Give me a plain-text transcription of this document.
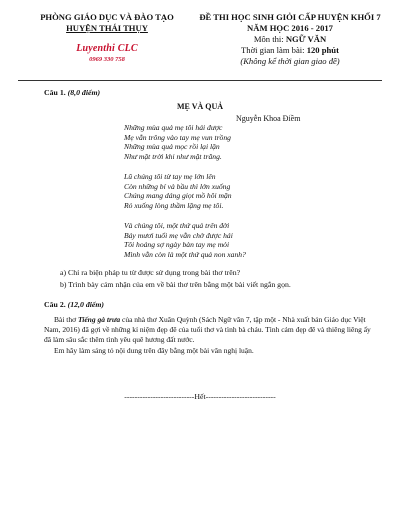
PHÒNG GIÁO DỤC VÀ ĐÀO TẠO
HUYỆN THÁI THỤY
Luyenthi CLC
0969 330 758
ĐỀ THI HỌC SINH GIỎI CẤP HUYỆN KHỐI 7
NĂM HỌC 2016 - 2017
Môn thi: NGỮ VĂN
Thời gian làm bài: 120 phút
(Không kể thời gian giao đề)
Câu 1. (8,0 điểm)
MẸ VÀ QUẢ
Nguyễn Khoa Điềm
Những mùa quả mẹ tôi hái được
Mẹ vẫn trông vào tay mẹ vun trồng
Những mùa quả mọc rồi lại lặn
Như mặt trời khi như mặt trăng.
Lũ chúng tôi từ tay mẹ lớn lên
Còn những bí và bầu thì lớn xuống
Chúng mang dáng giọt mồ hôi mặn
Rỏ xuống lòng thầm lặng mẹ tôi.
Và chúng tôi, một thứ quả trên đời
Bảy mươi tuổi mẹ vẫn chờ được hái
Tôi hoảng sợ ngày bàn tay mẹ mỏi
Mình vẫn còn là một thứ quả non xanh?
a) Chỉ ra biện pháp tu từ được sử dụng trong bài thơ trên?
b) Trình bày cảm nhận của em về bài thơ trên bằng một bài viết ngắn gọn.
Câu 2. (12,0 điểm)
Bài thơ Tiếng gà trưa của nhà thơ Xuân Quỳnh (Sách Ngữ văn 7, tập một - Nhà xuất bản Giáo dục Việt Nam, 2016) đã gợi về những kỉ niệm đẹp đẽ của tuổi thơ và tình bà cháu. Tình cảm đẹp đẽ và thiêng liêng ấy đã làm sâu sắc thêm tình yêu quê hương đất nước.
Em hãy làm sáng tỏ nội dung trên đây bằng một bài văn nghị luận.
---------------------------Hết---------------------------
